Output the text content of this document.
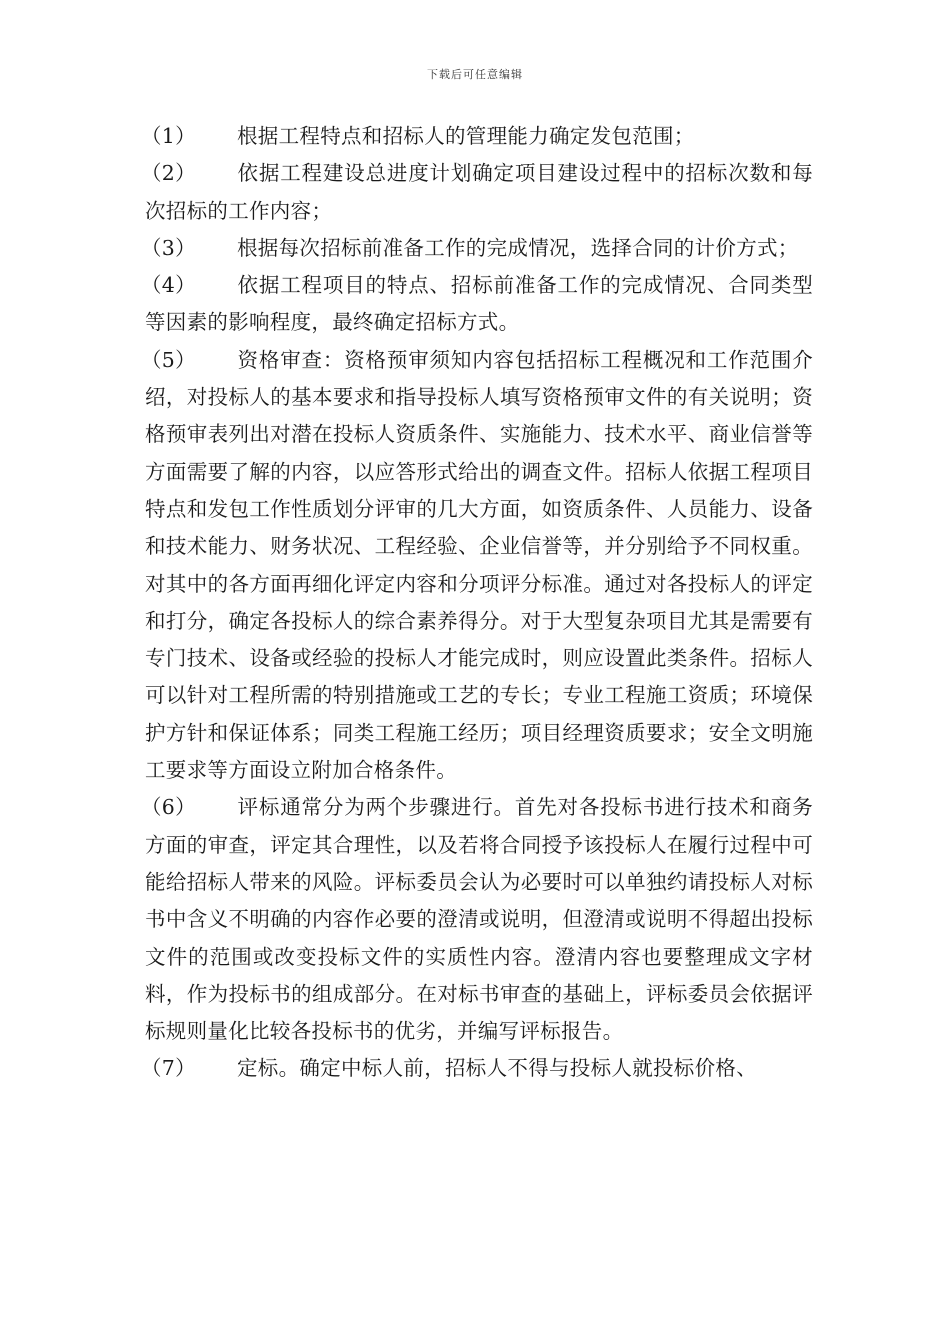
下载后可任意编辑

（1） 根据工程特点和招标人的管理能力确定发包范围；

（2） 依据工程建设总进度计划确定项目建设过程中的招标次数和每次招标的工作内容；

（3） 根据每次招标前准备工作的完成情况，选择合同的计价方式；

（4） 依据工程项目的特点、招标前准备工作的完成情况、合同类型等因素的影响程度，最终确定招标方式。

（5） 资格审查：资格预审须知内容包括招标工程概况和工作范围介绍，对投标人的基本要求和指导投标人填写资格预审文件的有关说明；资格预审表列出对潜在投标人资质条件、实施能力、技术水平、商业信誉等方面需要了解的内容，以应答形式给出的调查文件。招标人依据工程项目特点和发包工作性质划分评审的几大方面，如资质条件、人员能力、设备和技术能力、财务状况、工程经验、企业信誉等，并分别给予不同权重。对其中的各方面再细化评定内容和分项评分标准。通过对各投标人的评定和打分，确定各投标人的综合素养得分。对于大型复杂项目尤其是需要有专门技术、设备或经验的投标人才能完成时，则应设置此类条件。招标人可以针对工程所需的特别措施或工艺的专长；专业工程施工资质；环境保护方针和保证体系；同类工程施工经历；项目经理资质要求；安全文明施工要求等方面设立附加合格条件。

（6） 评标通常分为两个步骤进行。首先对各投标书进行技术和商务方面的审查，评定其合理性，以及若将合同授予该投标人在履行过程中可能给招标人带来的风险。评标委员会认为必要时可以单独约请投标人对标书中含义不明确的内容作必要的澄清或说明，但澄清或说明不得超出投标文件的范围或改变投标文件的实质性内容。澄清内容也要整理成文字材料，作为投标书的组成部分。在对标书审查的基础上，评标委员会依据评标规则量化比较各投标书的优劣，并编写评标报告。

（7） 定标。确定中标人前，招标人不得与投标人就投标价格、
